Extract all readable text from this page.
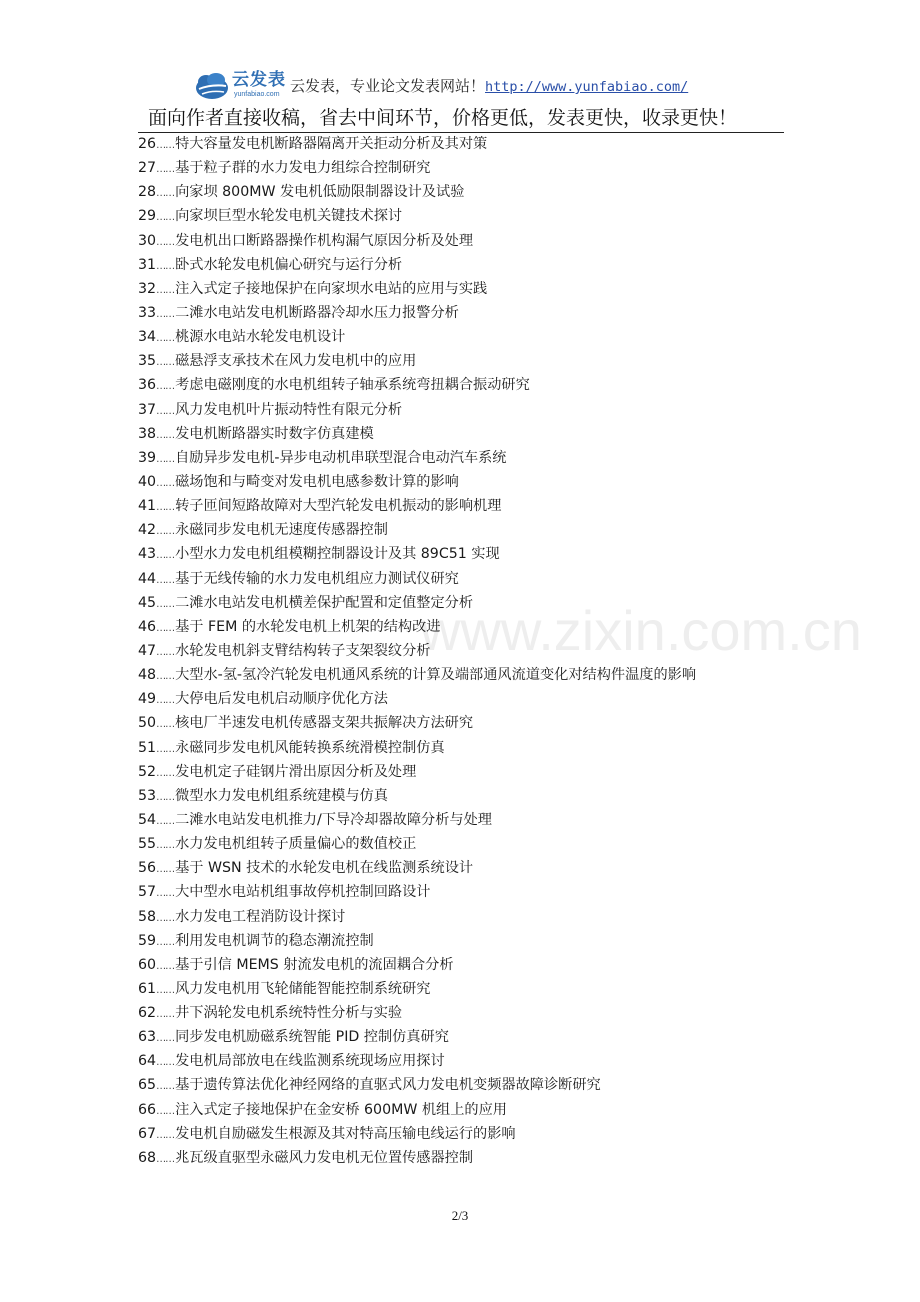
云发表
yunfabiao.com 云发表，专业论文发表网站！http://www.yunfabiao.com/
面向作者直接收稿，省去中间环节，价格更低，发表更快，收录更快！
www.zixin.com.cn
26……特大容量发电机断路器隔离开关拒动分析及其对策
27……基于粒子群的水力发电力组综合控制研究
28……向家坝 800MW 发电机低励限制器设计及试验
29……向家坝巨型水轮发电机关键技术探讨
30……发电机出口断路器操作机构漏气原因分析及处理
31……卧式水轮发电机偏心研究与运行分析
32……注入式定子接地保护在向家坝水电站的应用与实践
33……二滩水电站发电机断路器冷却水压力报警分析
34……桃源水电站水轮发电机设计
35……磁悬浮支承技术在风力发电机中的应用
36……考虑电磁刚度的水电机组转子轴承系统弯扭耦合振动研究
37……风力发电机叶片振动特性有限元分析
38……发电机断路器实时数字仿真建模
39……自励异步发电机-异步电动机串联型混合电动汽车系统
40……磁场饱和与畸变对发电机电感参数计算的影响
41……转子匝间短路故障对大型汽轮发电机振动的影响机理
42……永磁同步发电机无速度传感器控制
43……小型水力发电机组模糊控制器设计及其 89C51 实现
44……基于无线传输的水力发电机组应力测试仪研究
45……二滩水电站发电机横差保护配置和定值整定分析
46……基于 FEM 的水轮发电机上机架的结构改进
47……水轮发电机斜支臂结构转子支架裂纹分析
48……大型水-氢-氢冷汽轮发电机通风系统的计算及端部通风流道变化对结构件温度的影响
49……大停电后发电机启动顺序优化方法
50……核电厂半速发电机传感器支架共振解决方法研究
51……永磁同步发电机风能转换系统滑模控制仿真
52……发电机定子硅钢片滑出原因分析及处理
53……微型水力发电机组系统建模与仿真
54……二滩水电站发电机推力/下导冷却器故障分析与处理
55……水力发电机组转子质量偏心的数值校正
56……基于 WSN 技术的水轮发电机在线监测系统设计
57……大中型水电站机组事故停机控制回路设计
58……水力发电工程消防设计探讨
59……利用发电机调节的稳态潮流控制
60……基于引信 MEMS 射流发电机的流固耦合分析
61……风力发电机用飞轮储能智能控制系统研究
62……井下涡轮发电机系统特性分析与实验
63……同步发电机励磁系统智能 PID 控制仿真研究
64……发电机局部放电在线监测系统现场应用探讨
65……基于遗传算法优化神经网络的直驱式风力发电机变频器故障诊断研究
66……注入式定子接地保护在金安桥 600MW 机组上的应用
67……发电机自励磁发生根源及其对特高压输电线运行的影响
68……兆瓦级直驱型永磁风力发电机无位置传感器控制
2/3
